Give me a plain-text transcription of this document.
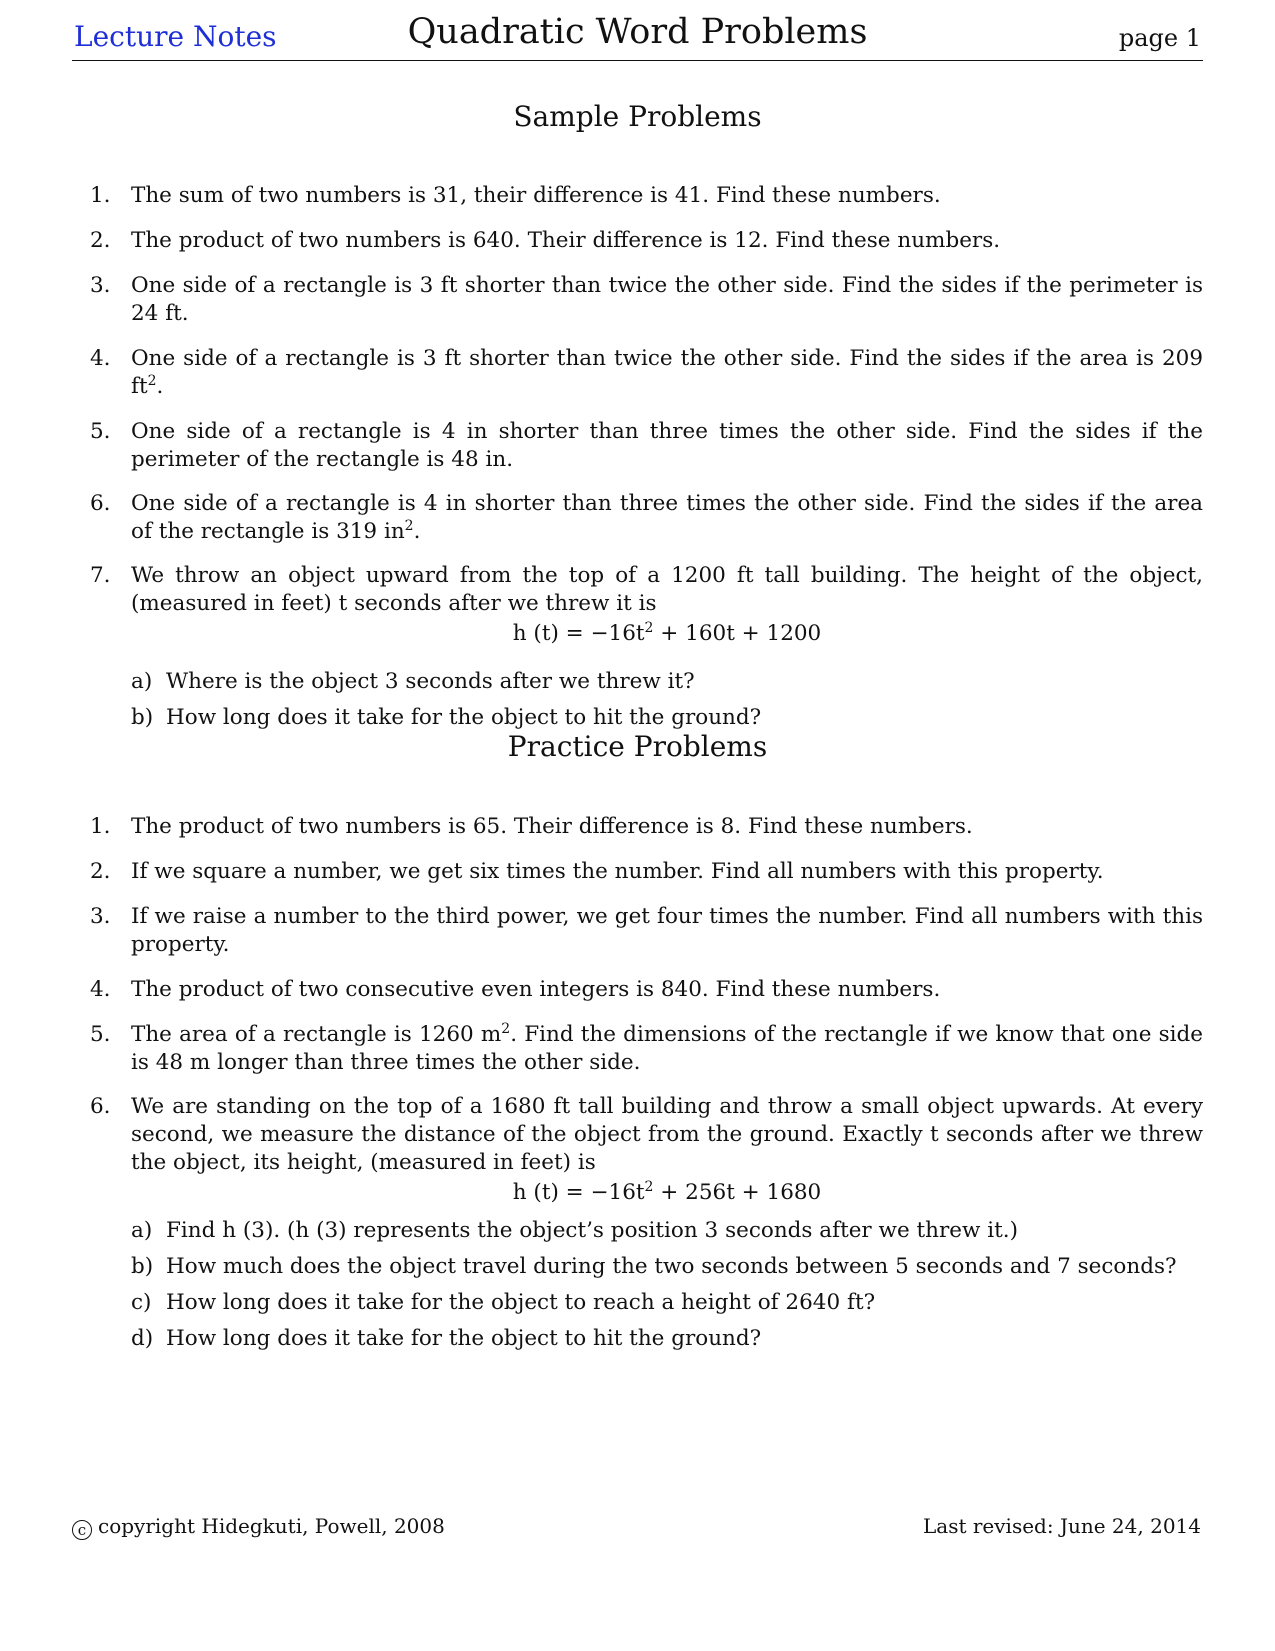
Lecture Notes	Quadratic Word Problems	page 1
Sample Problems
1. The sum of two numbers is 31, their difference is 41. Find these numbers.
2. The product of two numbers is 640. Their difference is 12. Find these numbers.
3. One side of a rectangle is 3 ft shorter than twice the other side. Find the sides if the perimeter is 24 ft.
4. One side of a rectangle is 3 ft shorter than twice the other side. Find the sides if the area is 209 $ft^2$.
5. One side of a rectangle is 4 in shorter than three times the other side. Find the sides if the perimeter of the rectangle is 48 in.
6. One side of a rectangle is 4 in shorter than three times the other side. Find the sides if the area of the rectangle is 319 $in^2$.
7. We throw an object upward from the top of a 1200 ft tall building. The height of the object, (measured in feet) t seconds after we threw it is
h $(t) = -16t^2 + 160t + 1200$
a) Where is the object 3 seconds after we threw it?
b) How long does it take for the object to hit the ground?
Practice Problems
1. The product of two numbers is 65. Their difference is 8. Find these numbers.
2. If we square a number, we get six times the number. Find all numbers with this property.
3. If we raise a number to the third power, we get four times the number. Find all numbers with this property.
4. The product of two consecutive even integers is 840. Find these numbers.
5. The area of a rectangle is 1260 $m^2$. Find the dimensions of the rectangle if we know that one side is 48 m longer than three times the other side.
6. We are standing on the top of a 1680 ft tall building and throw a small object upwards. At every second, we measure the distance of the object from the ground. Exactly t seconds after we threw the object, its height, (measured in feet) is
h $(t) = -16t^2 + 256t + 1680$
a) Find h (3). (h (3) represents the object’s position 3 seconds after we threw it.)
b) How much does the object travel during the two seconds between 5 seconds and 7 seconds?
c) How long does it take for the object to reach a height of 2640 ft?
d) How long does it take for the object to hit the ground?
c copyright Hidegkuti, Powell, 2008	Last revised: June 24, 2014
